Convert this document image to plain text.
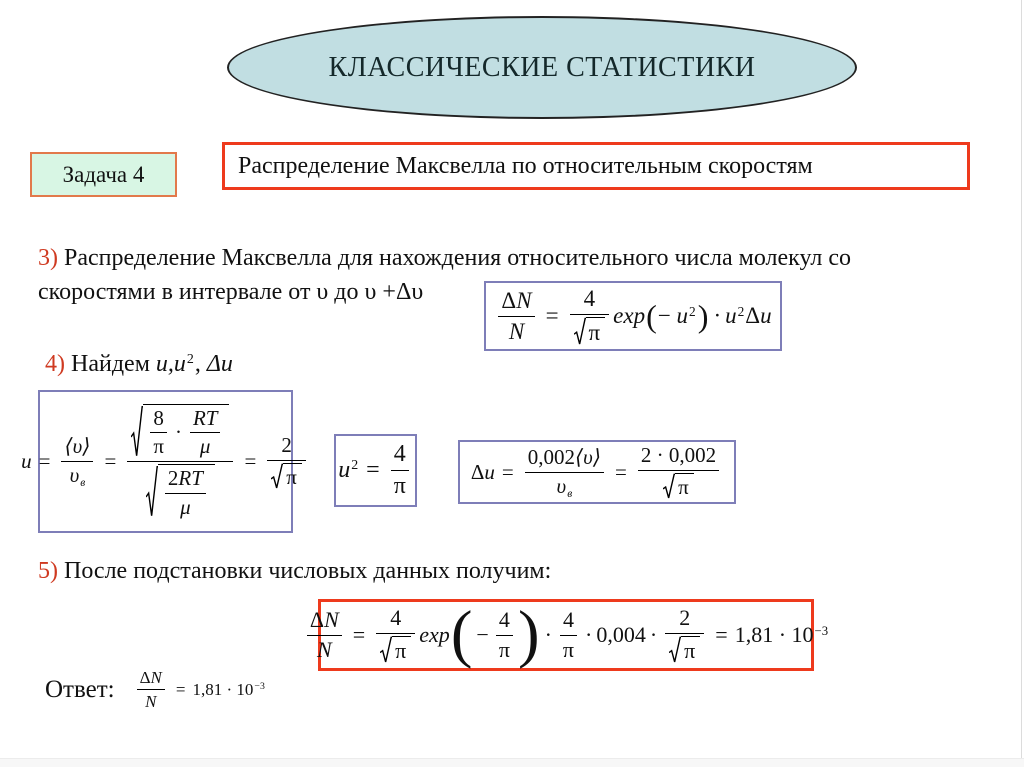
КЛАССИЧЕСКИЕ СТАТИСТИКИ
Задача 4	Распределение Максвелла по относительным скоростям
3) Распределение Максвелла для нахождения относительного числа молекул со
скоростями в интервале от υ до υ +Δυ	$\frac{\Delta N}{N} = \frac{4}{\pi}$ exp ( − $u^2$ ) · $u^2\Delta u$
4) Найдем $u,u^2$, Δu
$u = \frac{⟨\upsilon⟩}{\upsilon в} = \frac{\frac{8}{\pi} \cdot \frac{RT}{\mu}}{\frac{2 RT}{\mu}} = \frac{2}{\pi} u^2 = \frac{4}{\pi}$	$\Delta u = \frac{0,002⟨\upsilon⟩}{\upsilon в} = \frac{2 \cdot 0,002}{\pi}$
5) После подстановки числовых данных получим:
$\frac{\Delta N}{N} = \frac{4}{\pi}$ exp ( − $\frac{4}{\pi}$ ) · $\frac{4}{\pi} \cdot 0,004 \cdot \frac{2}{\pi} = 1,81 \cdot 10^{-3}$
Ответ: $\frac{\Delta N}{N} = 1,81 \cdot 10^{-3}$
